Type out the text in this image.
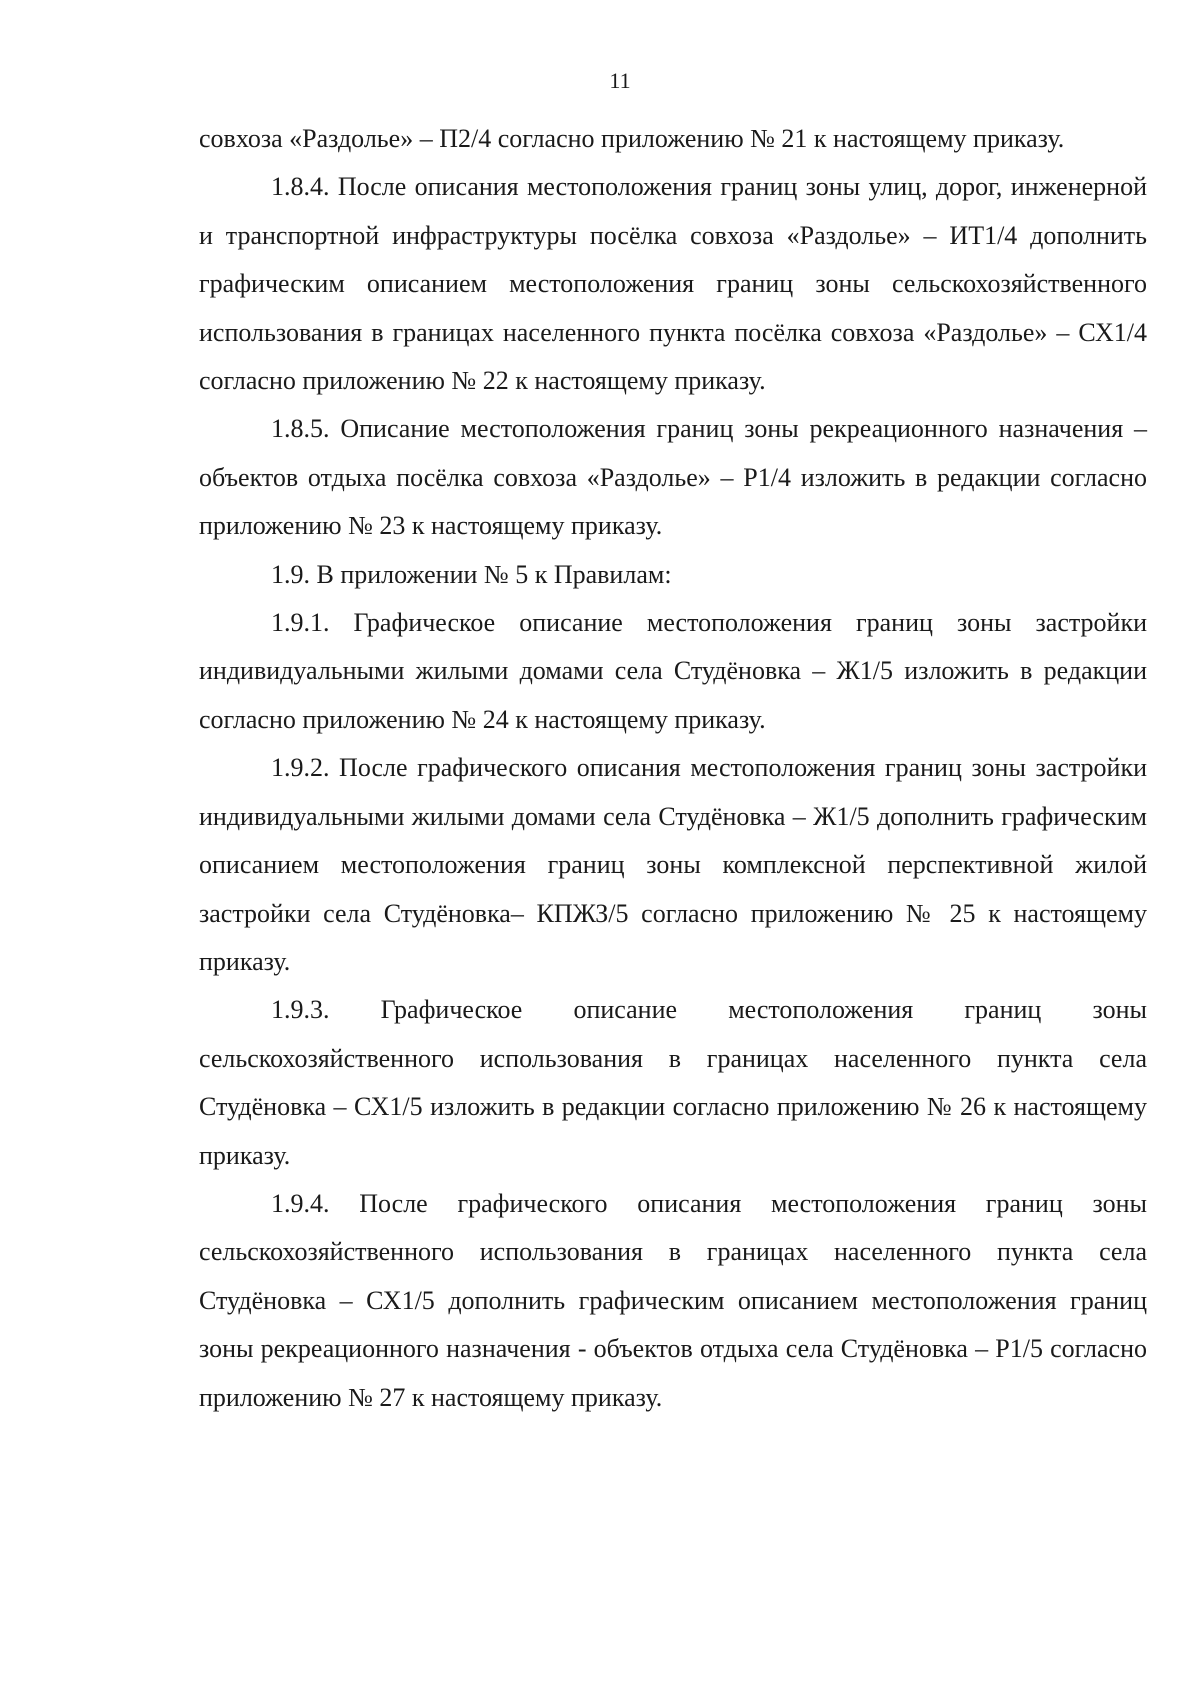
11

совхоза «Раздолье» – П2/4 согласно приложению № 21 к настоящему приказу.

1.8.4. После описания местоположения границ зоны улиц, дорог, инженерной и транспортной инфраструктуры посёлка совхоза «Раздолье» – ИТ1/4 дополнить графическим описанием местоположения границ зоны сельскохозяйственного использования в границах населенного пункта посёлка совхоза «Раздолье» – СХ1/4 согласно приложению № 22 к настоящему приказу.

1.8.5. Описание местоположения границ зоны рекреационного назначения – объектов отдыха посёлка совхоза «Раздолье» – Р1/4 изложить в редакции согласно приложению № 23 к настоящему приказу.

1.9. В приложении № 5 к Правилам:

1.9.1. Графическое описание местоположения границ зоны застройки индивидуальными жилыми домами села Студёновка – Ж1/5 изложить в редакции согласно приложению № 24 к настоящему приказу.

1.9.2. После графического описания местоположения границ зоны застройки индивидуальными жилыми домами села Студёновка – Ж1/5 дополнить графическим описанием местоположения границ зоны комплексной перспективной жилой застройки села Студёновка– КПЖЗ/5 согласно приложению № 25 к настоящему приказу.

1.9.3. Графическое описание местоположения границ зоны сельскохозяйственного использования в границах населенного пункта села Студёновка – СХ1/5 изложить в редакции согласно приложению № 26 к настоящему приказу.

1.9.4. После графического описания местоположения границ зоны сельскохозяйственного использования в границах населенного пункта села Студёновка – СХ1/5 дополнить графическим описанием местоположения границ зоны рекреационного назначения - объектов отдыха села Студёновка – Р1/5 согласно приложению № 27 к настоящему приказу.
